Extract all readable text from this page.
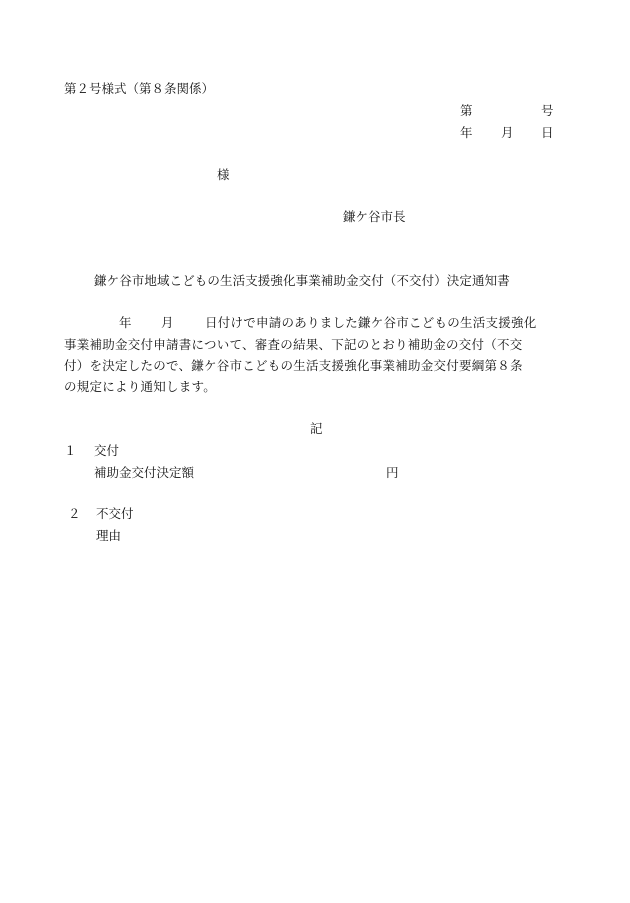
第２号様式（第８条関係）
第	号
年 月 日
様
鎌ケ谷市長
鎌ケ谷市地域こどもの生活支援強化事業補助金交付（不交付）決定通知書
年 月	日付けで申請のありました鎌ケ谷市こどもの生活支援強化
事業補助金交付申請書について、審査の結果、下記のとおり補助金の交付（不交
付）を決定したので、鎌ケ谷市こどもの生活支援強化事業補助金交付要綱第８条
の規定により通知します。
記
１ 交付
補助金交付決定額	円
２ 不交付
理由
